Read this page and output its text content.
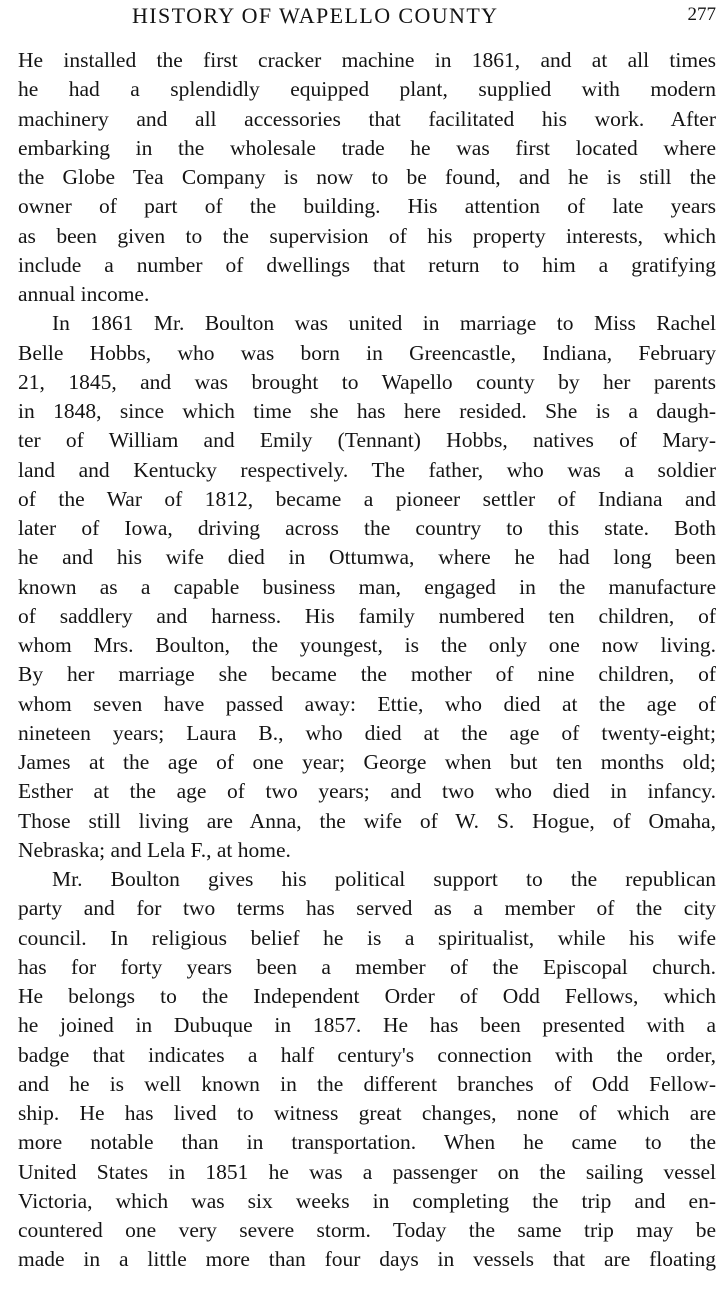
HISTORY OF WAPELLO COUNTY	277
He installed the first cracker machine in 1861, and at all times
he had a splendidly equipped plant, supplied with modern
machinery and all accessories that facilitated his work. After
embarking in the wholesale trade he was first located where
the Globe Tea Company is now to be found, and he is still the
owner of part of the building. His attention of late years
as been given to the supervision of his property interests, which
include a number of dwellings that return to him a gratifying
annual income.
In 1861 Mr. Boulton was united in marriage to Miss Rachel
Belle Hobbs, who was born in Greencastle, Indiana, February
21, 1845, and was brought to Wapello county by her parents
in 1848, since which time she has here resided. She is a daugh-
ter of William and Emily (Tennant) Hobbs, natives of Mary-
land and Kentucky respectively. The father, who was a soldier
of the War of 1812, became a pioneer settler of Indiana and
later of Iowa, driving across the country to this state. Both
he and his wife died in Ottumwa, where he had long been
known as a capable business man, engaged in the manufacture
of saddlery and harness. His family numbered ten children, of
whom Mrs. Boulton, the youngest, is the only one now living.
By her marriage she became the mother of nine children, of
whom seven have passed away: Ettie, who died at the age of
nineteen years; Laura B., who died at the age of twenty-eight;
James at the age of one year; George when but ten months old;
Esther at the age of two years; and two who died in infancy.
Those still living are Anna, the wife of W. S. Hogue, of Omaha,
Nebraska; and Lela F., at home.
Mr. Boulton gives his political support to the republican
party and for two terms has served as a member of the city
council. In religious belief he is a spiritualist, while his wife
has for forty years been a member of the Episcopal church.
He belongs to the Independent Order of Odd Fellows, which
he joined in Dubuque in 1857. He has been presented with a
badge that indicates a half century's connection with the order,
and he is well known in the different branches of Odd Fellow-
ship. He has lived to witness great changes, none of which are
more notable than in transportation. When he came to the
United States in 1851 he was a passenger on the sailing vessel
Victoria, which was six weeks in completing the trip and en-
countered one very severe storm. Today the same trip may be
made in a little more than four days in vessels that are floating
